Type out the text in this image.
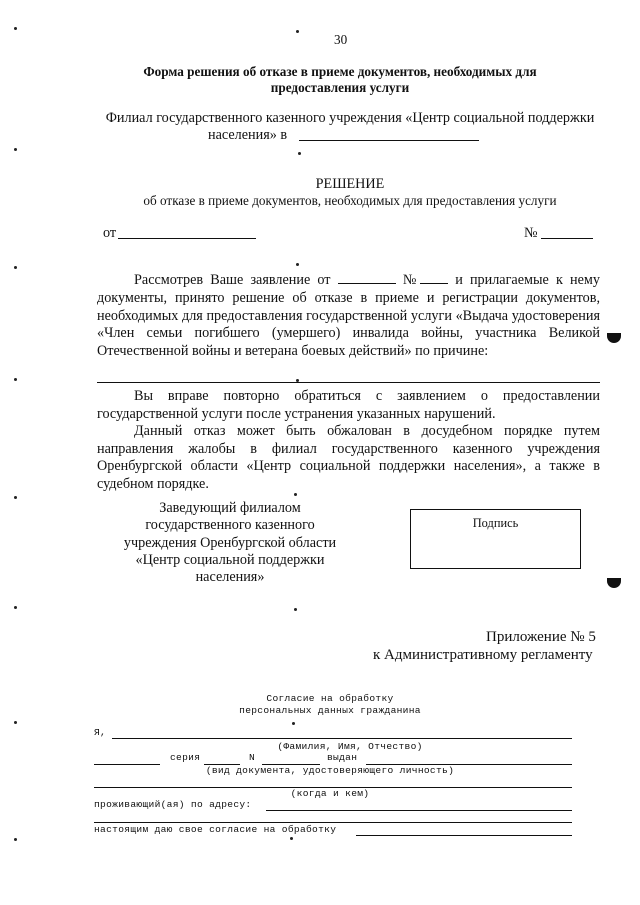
30
Форма решения об отказе в приеме документов, необходимых для предоставления услуги
Филиал государственного казенного учреждения «Центр социальной поддержки
населения» в
РЕШЕНИЕ
об отказе в приеме документов, необходимых для предоставления услуги
от	№
Рассмотрев Ваше заявление от	№ и прилагаемые к нему документы, принято решение об отказе в приеме и регистрации документов, необходимых для предоставления государственной услуги «Выдача удостоверения «Член семьи погибшего (умершего) инвалида войны, участника Великой Отечественной войны и ветерана боевых действий» по причине:
Вы вправе повторно обратиться с заявлением о предоставлении государственной услуги после устранения указанных нарушений.
Данный отказ может быть обжалован в досудебном порядке путем направления жалобы в филиал государственного казенного учреждения Оренбургской области «Центр социальной поддержки населения», а также в судебном порядке.
Заведующий филиалом
государственного казенного
учреждения Оренбургской области
«Центр социальной поддержки
населения»
Подпись
Приложение № 5
к Административному регламенту
Согласие на обработку
персональных данных гражданина
Я,
(Фамилия, Имя, Отчество)
серия	N	выдан
(вид документа, удостоверяющего личность)
(когда и кем)
проживающий(ая) по адресу:
настоящим даю свое согласие на обработку
